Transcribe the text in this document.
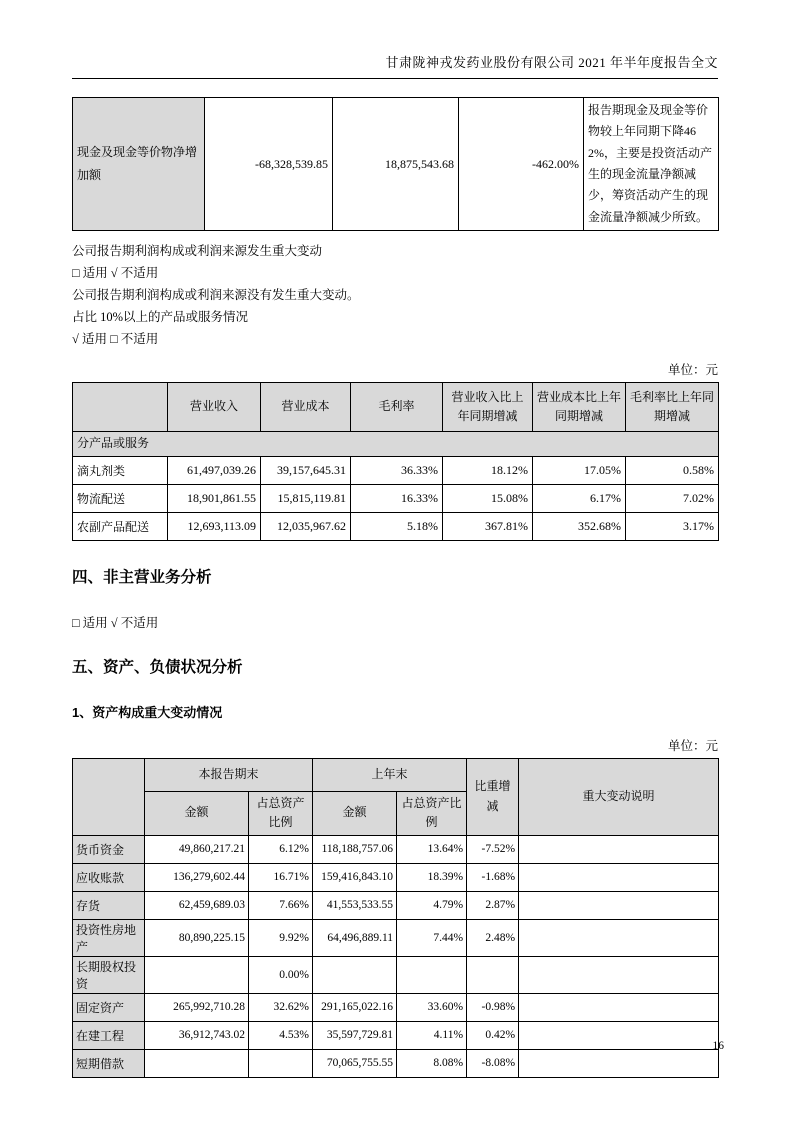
甘肃陇神戎发药业股份有限公司 2021 年半年度报告全文
现金及现金等价物净增加额	-68,328,539.85	18,875,543.68	-462.00%	报告期现金及现金等价物较上年同期下降462%，主要是投资活动产生的现金流量净额减少，筹资活动产生的现金流量净额减少所致。

公司报告期利润构成或利润来源发生重大变动

□ 适用 √ 不适用

公司报告期利润构成或利润来源没有发生重大变动。

占比 10%以上的产品或服务情况

√ 适用 □ 不适用

单位：元
	营业收入	营业成本	毛利率	营业收入比上年同期增减	营业成本比上年同期增减	毛利率比上年同期增减
分产品或服务						
滴丸剂类	61,497,039.26	39,157,645.31	36.33%	18.12%	17.05%	0.58%
物流配送	18,901,861.55	15,815,119.81	16.33%	15.08%	6.17%	7.02%
农副产品配送	12,693,113.09	12,035,967.62	5.18%	367.81%	352.68%	3.17%
四、非主营业务分析

□ 适用 √ 不适用

五、资产、负债状况分析
1、资产构成重大变动情况
单位：元
	本报告期末		上年末		比重增减	重大变动说明
	金额	占总资产比例	金额	占总资产比例		
货币资金	49,860,217.21	6.12%	118,188,757.06	13.64%	-7.52%	
应收账款	136,279,602.44	16.71%	159,416,843.10	18.39%	-1.68%	
存货	62,459,689.03	7.66%	41,553,533.55	4.79%	2.87%	
投资性房地产	80,890,225.15	9.92%	64,496,889.11	7.44%	2.48%	
长期股权投资		0.00%				
固定资产	265,992,710.28	32.62%	291,165,022.16	33.60%	-0.98%	
在建工程	36,912,743.02	4.53%	35,597,729.81	4.11%	0.42%	
短期借款			70,065,755.55	8.08%	-8.08%	
16
